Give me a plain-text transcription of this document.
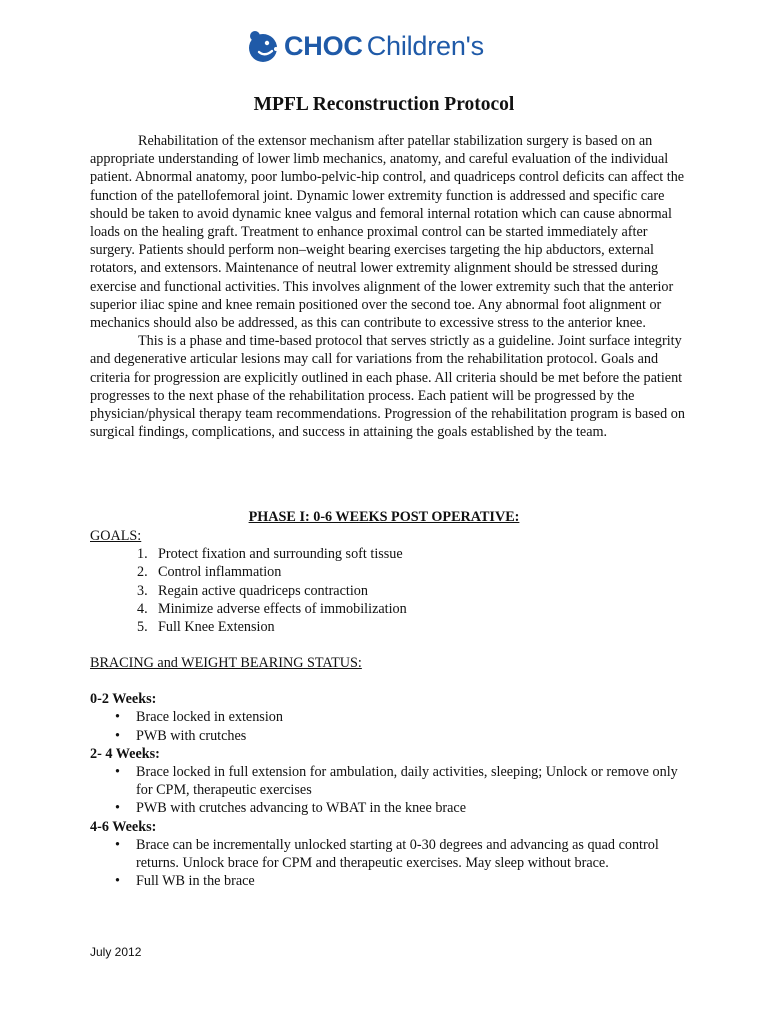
CHOC Children's
MPFL Reconstruction Protocol

Rehabilitation of the extensor mechanism after patellar stabilization surgery is based on an appropriate understanding of lower limb mechanics, anatomy, and careful evaluation of the individual patient. Abnormal anatomy, poor lumbo-pelvic-hip control, and quadriceps control deficits can affect the function of the patellofemoral joint. Dynamic lower extremity function is addressed and specific care should be taken to avoid dynamic knee valgus and femoral internal rotation which can cause abnormal loads on the healing graft. Treatment to enhance proximal control can be started immediately after surgery. Patients should perform non–weight bearing exercises targeting the hip abductors, external rotators, and extensors. Maintenance of neutral lower extremity alignment should be stressed during exercise and functional activities. This involves alignment of the lower extremity such that the anterior superior iliac spine and knee remain positioned over the second toe. Any abnormal foot alignment or mechanics should also be addressed, as this can contribute to excessive stress to the anterior knee.

This is a phase and time-based protocol that serves strictly as a guideline. Joint surface integrity and degenerative articular lesions may call for variations from the rehabilitation protocol. Goals and criteria for progression are explicitly outlined in each phase. All criteria should be met before the patient progresses to the next phase of the rehabilitation process. Each patient will be progressed by the physician/physical therapy team recommendations. Progression of the rehabilitation program is based on surgical findings, complications, and success in attaining the goals established by the team.

PHASE I: 0-6 WEEKS POST OPERATIVE:
GOALS:
1. Protect fixation and surrounding soft tissue
2. Control inflammation
3. Regain active quadriceps contraction
4. Minimize adverse effects of immobilization
5. Full Knee Extension
BRACING and WEIGHT BEARING STATUS:
0-2 Weeks:
• Brace locked in extension
• PWB with crutches
2- 4 Weeks:
• Brace locked in full extension for ambulation, daily activities, sleeping; Unlock or remove only for CPM, therapeutic exercises
• PWB with crutches advancing to WBAT in the knee brace
4-6 Weeks:
• Brace can be incrementally unlocked starting at 0-30 degrees and advancing as quad control returns. Unlock brace for CPM and therapeutic exercises. May sleep without brace.
• Full WB in the brace
July 2012
